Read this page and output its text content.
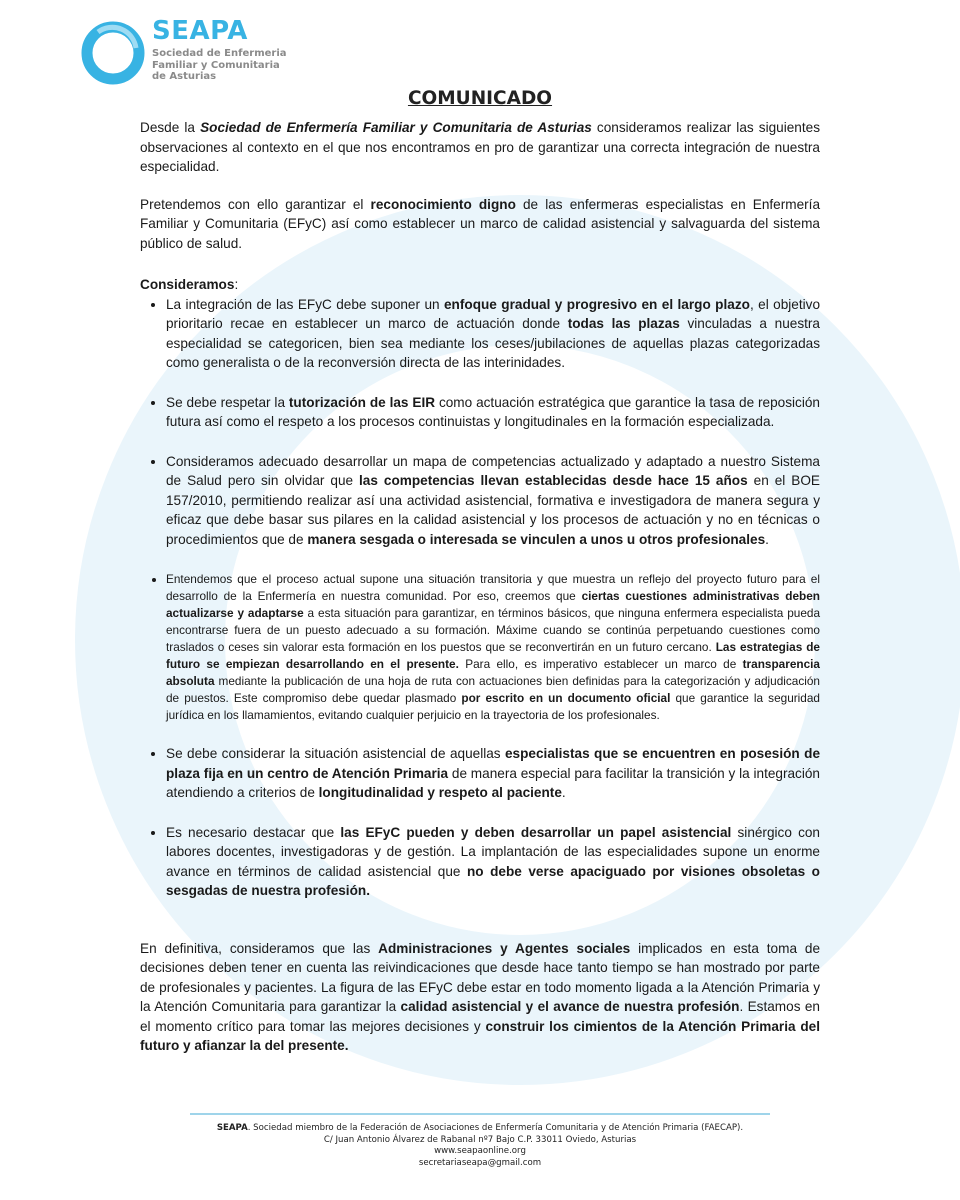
SEAPA
Sociedad de Enfermeria
Familiar y Comunitaria
de Asturias
COMUNICADO

Desde la Sociedad de Enfermería Familiar y Comunitaria de Asturias consideramos realizar las siguientes observaciones al contexto en el que nos encontramos en pro de garantizar una correcta integración de nuestra especialidad.

Pretendemos con ello garantizar el reconocimiento digno de las enfermeras especialistas en Enfermería Familiar y Comunitaria (EFyC) así como establecer un marco de calidad asistencial y salvaguarda del sistema público de salud.

Consideramos:

• La integración de las EFyC debe suponer un enfoque gradual y progresivo en el largo plazo, el objetivo prioritario recae en establecer un marco de actuación donde todas las plazas vinculadas a nuestra especialidad se categoricen, bien sea mediante los ceses/jubilaciones de aquellas plazas categorizadas como generalista o de la reconversión directa de las interinidades.
• Se debe respetar la tutorización de las EIR como actuación estratégica que garantice la tasa de reposición futura así como el respeto a los procesos continuistas y longitudinales en la formación especializada.
• Consideramos adecuado desarrollar un mapa de competencias actualizado y adaptado a nuestro Sistema de Salud pero sin olvidar que las competencias llevan establecidas desde hace 15 años en el BOE 157/2010, permitiendo realizar así una actividad asistencial, formativa e investigadora de manera segura y eficaz que debe basar sus pilares en la calidad asistencial y los procesos de actuación y no en técnicas o procedimientos que de manera sesgada o interesada se vinculen a unos u otros profesionales.
• Entendemos que el proceso actual supone una situación transitoria y que muestra un reflejo del proyecto futuro para el desarrollo de la Enfermería en nuestra comunidad. Por eso, creemos que ciertas cuestiones administrativas deben actualizarse y adaptarse a esta situación para garantizar, en términos básicos, que ninguna enfermera especialista pueda encontrarse fuera de un puesto adecuado a su formación. Máxime cuando se continúa perpetuando cuestiones como traslados o ceses sin valorar esta formación en los puestos que se reconvertirán en un futuro cercano. Las estrategias de futuro se empiezan desarrollando en el presente. Para ello, es imperativo establecer un marco de transparencia absoluta mediante la publicación de una hoja de ruta con actuaciones bien definidas para la categorización y adjudicación de puestos. Este compromiso debe quedar plasmado por escrito en un documento oficial que garantice la seguridad jurídica en los llamamientos, evitando cualquier perjuicio en la trayectoria de los profesionales.
• Se debe considerar la situación asistencial de aquellas especialistas que se encuentren en posesión de plaza fija en un centro de Atención Primaria de manera especial para facilitar la transición y la integración atendiendo a criterios de longitudinalidad y respeto al paciente.
• Es necesario destacar que las EFyC pueden y deben desarrollar un papel asistencial sinérgico con labores docentes, investigadoras y de gestión. La implantación de las especialidades supone un enorme avance en términos de calidad asistencial que no debe verse apaciguado por visiones obsoletas o sesgadas de nuestra profesión.

En definitiva, consideramos que las Administraciones y Agentes sociales implicados en esta toma de decisiones deben tener en cuenta las reivindicaciones que desde hace tanto tiempo se han mostrado por parte de profesionales y pacientes. La figura de las EFyC debe estar en todo momento ligada a la Atención Primaria y la Atención Comunitaria para garantizar la calidad asistencial y el avance de nuestra profesión. Estamos en el momento crítico para tomar las mejores decisiones y construir los cimientos de la Atención Primaria del futuro y afianzar la del presente.

SEAPA. Sociedad miembro de la Federación de Asociaciones de Enfermería Comunitaria y de Atención Primaria (FAECAP).
C/ Juan Antonio Álvarez de Rabanal nº7 Bajo C.P. 33011 Oviedo, Asturias
www.seapaonline.org
secretariaseapa@gmail.com
